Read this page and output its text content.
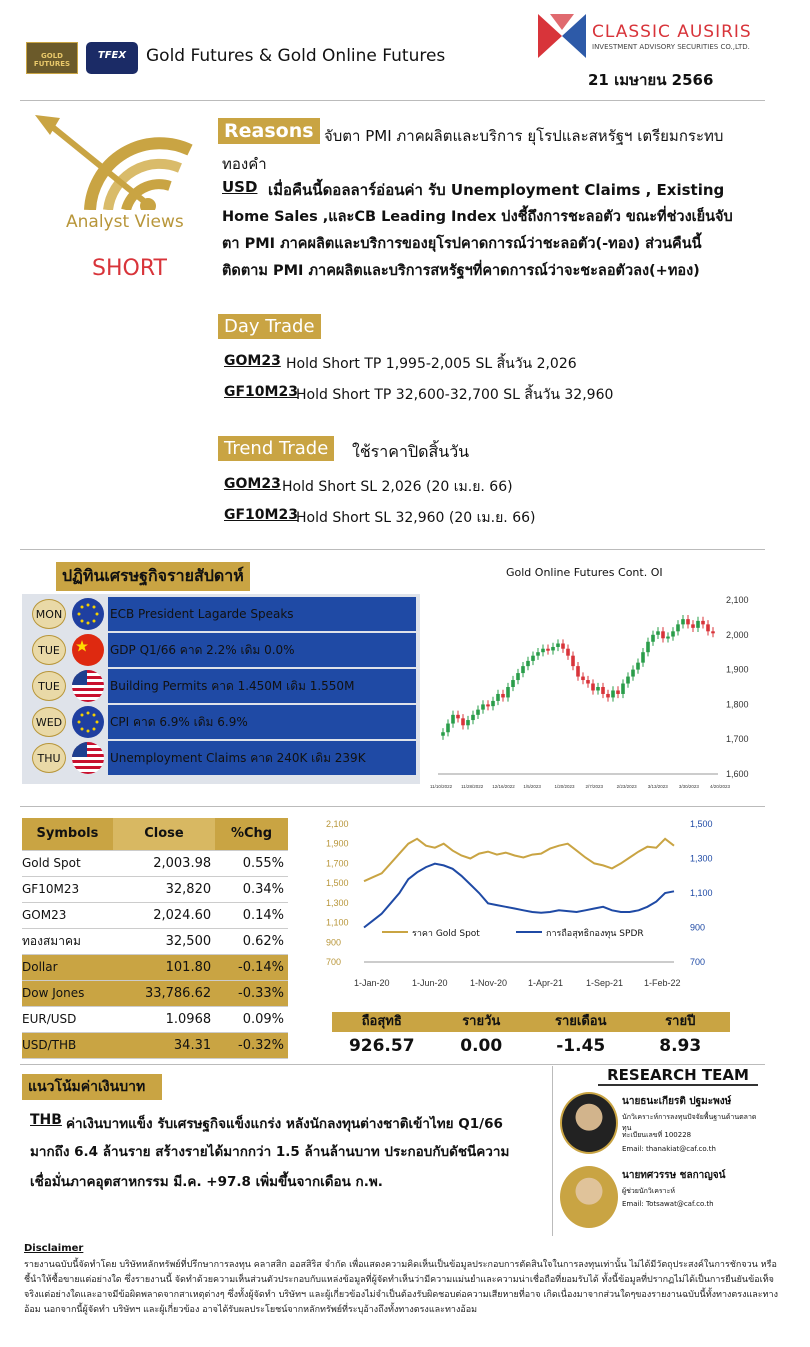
GOLD FUTURES
TFEX	Gold Futures & Gold Online Futures
CLASSIC AUSIRIS
INVESTMENT ADVISORY SECURITIES CO.,LTD.
21 เมษายน 2566
Analyst Views
SHORT
Reasons จับตา PMI ภาคผลิตและบริการ ยุโรปและสหรัฐฯ เตรียมกระทบ
ทองคำ
USD เมื่อคืนนี้ดอลลาร์อ่อนค่า รับ Unemployment Claims , Existing
Home Sales ,และCB Leading Index บ่งชี้ถึงการชะลอตัว ขณะที่ช่วงเย็นจับ
ตา PMI ภาคผลิตและบริการของยุโรปคาดการณ์ว่าชะลอตัว(-ทอง) ส่วนคืนนี้
ติดตาม PMI ภาคผลิตและบริการสหรัฐฯที่คาดการณ์ว่าจะชะลอตัวลง(+ทอง)
Day Trade
GOM23 Hold Short TP 1,995-2,005 SL สิ้นวัน 2,026
GF10M23
Hold Short TP 32,600-32,700 SL สิ้นวัน 32,960
Trend Trade	ใช้ราคาปิดสิ้นวัน
GOM23 Hold Short SL 2,026 (20 เม.ย. 66)
GF10M23
Hold Short SL 32,960 (20 เม.ย. 66)
ปฏิทินเศรษฐกิจรายสัปดาห์
MON	ECB President Lagarde Speaks
TUE	GDP Q1/66 คาด 2.2% เดิม 0.0%
TUE	Building Permits คาด 1.450M เดิม 1.550M
WED	CPI คาด 6.9% เดิม 6.9%
THU	Unemployment Claims คาด 240K เดิม 239K
Gold Online Futures Cont. OI
2,100
2,000
1,900
1,800
1,700
1,600
11/10/2022 11/28/2022 12/16/2022 1/5/2023	1/20/2023 2/7/2023	2/23/2023 3/13/2023 3/30/2023 4/20/2023
Symbols	Close	%Chg
Gold Spot	2,003.98	0.55%
GF10M23	32,820	0.34%
GOM23	2,024.60	0.14%
ทองสมาคม	32,500	0.62%
Dollar	101.80	-0.14%
Dow Jones	33,786.62	-0.33%
EUR/USD	1.0968	0.09%
USD/THB	34.31	-0.32%
2,100
1,900
1,700
1,500
1,300
1,100
900
700
1,500
1,300
1,100
900
700
1-Jan-20 1-Jun-20 1-Nov-20 1-Apr-21	1-Sep-21 1-Feb-22
ราคา Gold Spot	การถือสุทธิกองทุน SPDR
ถือสุทธิ	รายวัน	รายเดือน	รายปี
926.57	0.00	-1.45	8.93
แนวโน้มค่าเงินบาท
THB ค่าเงินบาทแข็ง รับเศรษฐกิจแข็งแกร่ง หลังนักลงทุนต่างชาติเข้าไทย Q1/66
มากถึง 6.4 ล้านราย สร้างรายได้มากกว่า 1.5 ล้านล้านบาท ประกอบกับดัชนีความ
เชื่อมั่นภาคอุตสาหกรรม มี.ค. +97.8 เพิ่มขึ้นจากเดือน ก.พ.
RESEARCH TEAM
นายธนะเกียรติ ปฐมะพงษ์
นักวิเคราะห์การลงทุนปัจจัยพื้นฐานด้านตลาดทุน
ทะเบียนเลขที่ 100228
Email: thanakiat@caf.co.th
นายทศวรรษ ชลกาญจน์
ผู้ช่วยนักวิเคราะห์
Email: Totsawat@caf.co.th
Disclaimer
รายงานฉบับนี้จัดทำโดย บริษัทหลักทรัพย์ที่ปรึกษาการลงทุน คลาสสิก ออสสิริส จำกัด เพื่อแสดงความคิดเห็นเป็นข้อมูลประกอบการตัดสินใจในการลงทุนเท่านั้น ไม่ได้มีวัตถุประสงค์ในการชักจวน หรือชี้นำให้ซื้อขายแต่อย่างใด ซึ่งรายงานนี้ จัดทำด้วยความเห็นส่วนตัวประกอบกับแหล่งข้อมูลที่ผู้จัดทำเห็นว่ามีความแม่นยำและความน่าเชื่อถือที่ยอมรับได้ ทั้งนี้ข้อมูลที่ปรากฏไม่ได้เป็นการยืนยันข้อเท็จจริงแต่อย่างใดและอาจมีข้อผิดพลาดจากสาเหตุต่างๆ ซึ่งทั้งผู้จัดทำ บริษัทฯ และผู้เกี่ยวข้องไม่จำเป็นต้องรับผิดชอบต่อความเสียหายที่อาจ เกิดเนื่องมาจากส่วนใดๆของรายงานฉบับนี้ทั้งทางตรงและทางอ้อม นอกจากนี้ผู้จัดทำ บริษัทฯ และผู้เกี่ยวข้อง อาจได้รับผลประโยชน์จากหลักทรัพย์ที่ระบุอ้างถึงทั้งทางตรงและทางอ้อม
